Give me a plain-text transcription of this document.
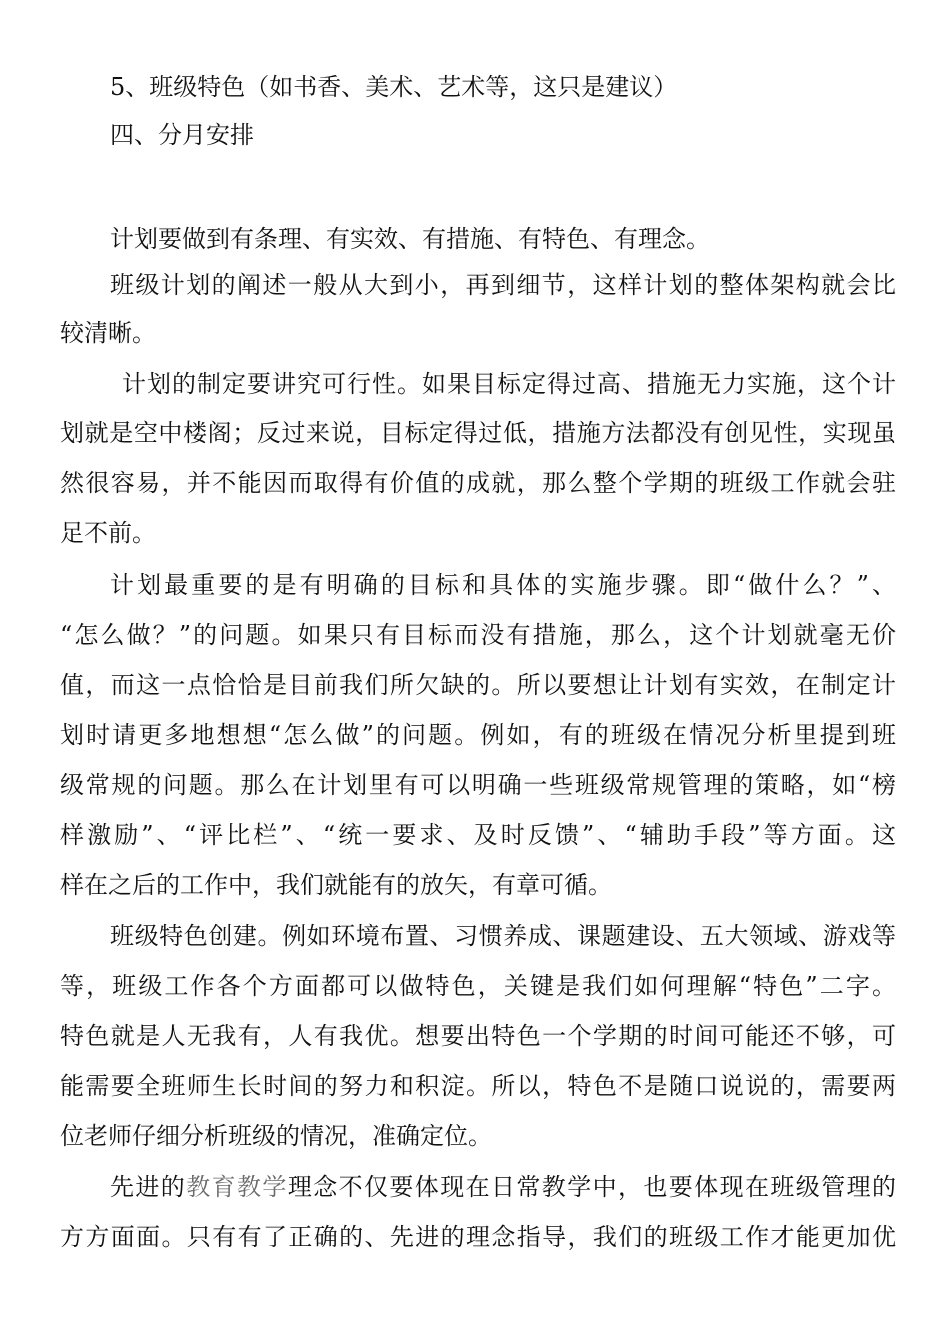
5、班级特色（如书香、美术、艺术等，这只是建议）
四、分月安排
计划要做到有条理、有实效、有措施、有特色、有理念。
班级计划的阐述一般从大到小，再到细节，这样计划的整体架构就会比
较清晰。
计划的制定要讲究可行性。如果目标定得过高、措施无力实施，这个计
划就是空中楼阁；反过来说，目标定得过低，措施方法都没有创见性，实现虽
然很容易，并不能因而取得有价值的成就，那么整个学期的班级工作就会驻
足不前。
计划最重要的是有明确的目标和具体的实施步骤。即“做什么？”、
“怎么做？”的问题。如果只有目标而没有措施，那么，这个计划就毫无价
值，而这一点恰恰是目前我们所欠缺的。所以要想让计划有实效，在制定计
划时请更多地想想“怎么做”的问题。例如，有的班级在情况分析里提到班
级常规的问题。那么在计划里有可以明确一些班级常规管理的策略，如“榜
样激励”、“评比栏”、“统一要求、及时反馈”、“辅助手段”等方面。这
样在之后的工作中，我们就能有的放矢，有章可循。
班级特色创建。例如环境布置、习惯养成、课题建设、五大领域、游戏等
等，班级工作各个方面都可以做特色，关键是我们如何理解“特色”二字。
特色就是人无我有，人有我优。想要出特色一个学期的时间可能还不够，可
能需要全班师生长时间的努力和积淀。所以，特色不是随口说说的，需要两
位老师仔细分析班级的情况，准确定位。
先进的教育教学理念不仅要体现在日常教学中，也要体现在班级管理的
方方面面。只有有了正确的、先进的理念指导，我们的班级工作才能更加优
